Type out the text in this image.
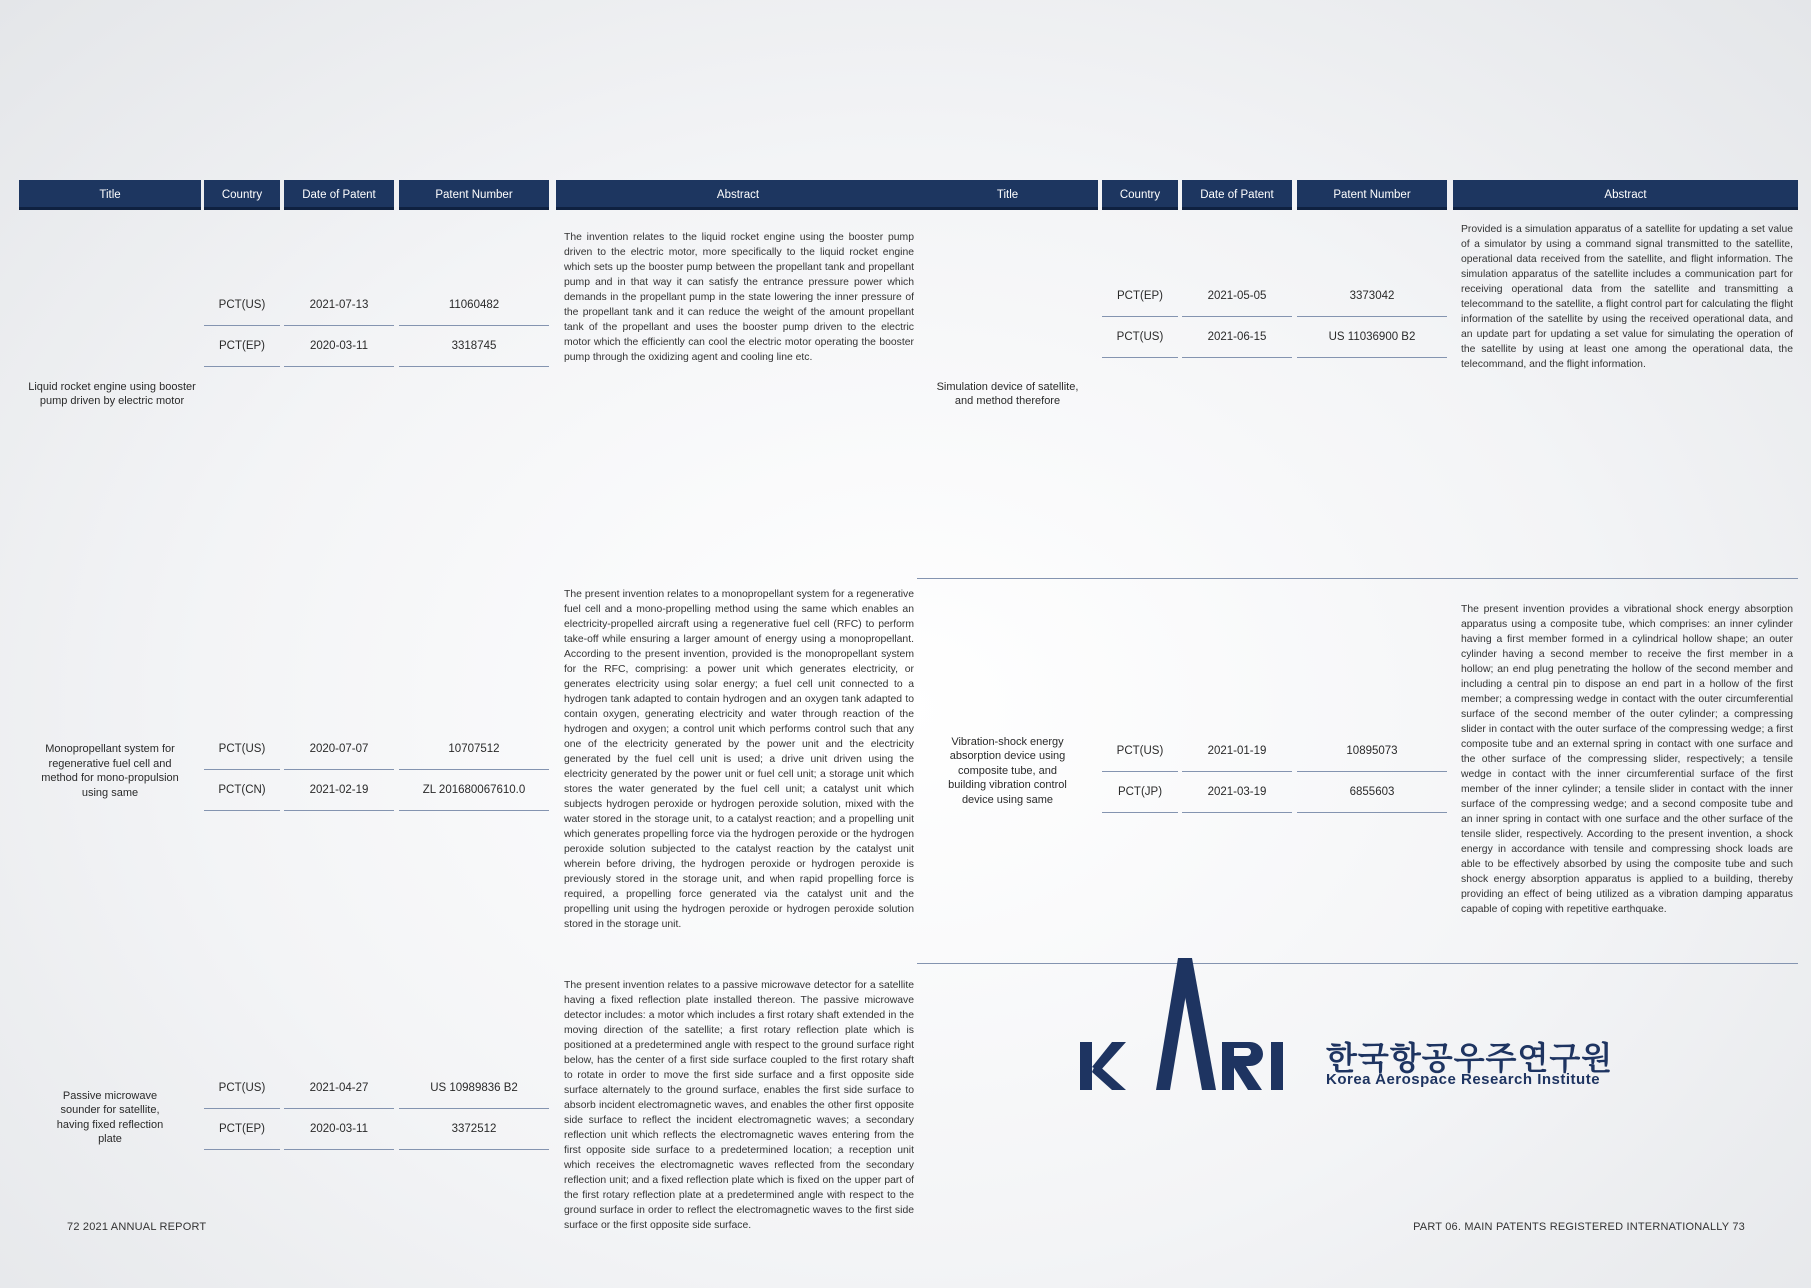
Title	Country	Date of Patent	Patent Number	Abstract
Liquid rocket engine using booster pump driven by electric motor
PCT(US)	2021-07-13	11060482
PCT(EP)	2020-03-11	3318745
The invention relates to the liquid rocket engine using the booster pump driven to the electric motor, more specifically to the liquid rocket engine which sets up the booster pump between the propellant tank and propellant pump and in that way it can satisfy the entrance pressure power which demands in the propellant pump in the state lowering the inner pressure of the propellant tank and it can reduce the weight of the amount propellant tank of the propellant and uses the booster pump driven to the electric motor which the efficiently can cool the electric motor operating the booster pump through the oxidizing agent and cooling line etc.
Monopropellant system for regenerative fuel cell and method for mono-propulsion using same
PCT(US)	2020-07-07	10707512
PCT(CN)	2021-02-19	ZL 201680067610.0
The present invention relates to a monopropellant system for a regenerative fuel cell and a mono-propelling method using the same which enables an electricity-propelled aircraft using a regenerative fuel cell (RFC) to perform take-off while ensuring a larger amount of energy using a monopropellant. According to the present invention, provided is the monopropellant system for the RFC, comprising: a power unit which generates electricity, or generates electricity using solar energy; a fuel cell unit connected to a hydrogen tank adapted to contain hydrogen and an oxygen tank adapted to contain oxygen, generating electricity and water through reaction of the hydrogen and oxygen; a control unit which performs control such that any one of the electricity generated by the power unit and the electricity generated by the fuel cell unit is used; a drive unit driven using the electricity generated by the power unit or fuel cell unit; a storage unit which stores the water generated by the fuel cell unit; a catalyst unit which subjects hydrogen peroxide or hydrogen peroxide solution, mixed with the water stored in the storage unit, to a catalyst reaction; and a propelling unit which generates propelling force via the hydrogen peroxide or the hydrogen peroxide solution subjected to the catalyst reaction by the catalyst unit wherein before driving, the hydrogen peroxide or hydrogen peroxide is previously stored in the storage unit, and when rapid propelling force is required, a propelling force generated via the catalyst unit and the propelling unit using the hydrogen peroxide or hydrogen peroxide solution stored in the storage unit.
Passive microwave sounder for satellite, having fixed reflection plate
PCT(US)	2021-04-27	US 10989836 B2
PCT(EP)	2020-03-11	3372512
The present invention relates to a passive microwave detector for a satellite having a fixed reflection plate installed thereon. The passive microwave detector includes: a motor which includes a first rotary shaft extended in the moving direction of the satellite; a first rotary reflection plate which is positioned at a predetermined angle with respect to the ground surface right below, has the center of a first side surface coupled to the first rotary shaft to rotate in order to move the first side surface and a first opposite side surface alternately to the ground surface, enables the first side surface to absorb incident electromagnetic waves, and enables the other first opposite side surface to reflect the incident electromagnetic waves; a secondary reflection unit which reflects the electromagnetic waves entering from the first opposite side surface to a predetermined location; a reception unit which receives the electromagnetic waves reflected from the secondary reflection unit; and a fixed reflection plate which is fixed on the upper part of the first rotary reflection plate at a predetermined angle with respect to the ground surface in order to reflect the electromagnetic waves to the first side surface or the first opposite side surface.
Title	Country	Date of Patent	Patent Number	Abstract
Simulation device of satellite, and method therefore
PCT(EP)	2021-05-05	3373042
PCT(US)	2021-06-15	US 11036900 B2
Provided is a simulation apparatus of a satellite for updating a set value of a simulator by using a command signal transmitted to the satellite, operational data received from the satellite, and flight information. The simulation apparatus of the satellite includes a communication part for receiving operational data from the satellite and transmitting a telecommand to the satellite, a flight control part for calculating the flight information of the satellite by using the received operational data, and an update part for updating a set value for simulating the operation of the satellite by using at least one among the operational data, the telecommand, and the flight information.
Vibration-shock energy absorption device using composite tube, and building vibration control device using same
PCT(US)	2021-01-19	10895073
PCT(JP)	2021-03-19	6855603
The present invention provides a vibrational shock energy absorption apparatus using a composite tube, which comprises: an inner cylinder having a first member formed in a cylindrical hollow shape; an outer cylinder having a second member to receive the first member in a hollow; an end plug penetrating the hollow of the second member and including a central pin to dispose an end part in a hollow of the first member; a compressing wedge in contact with the outer circumferential surface of the second member of the outer cylinder; a compressing slider in contact with the outer surface of the compressing wedge; a first composite tube and an external spring in contact with one surface and the other surface of the compressing slider, respectively; a tensile wedge in contact with the inner circumferential surface of the first member of the inner cylinder; a tensile slider in contact with the inner surface of the compressing wedge; and a second composite tube and an inner spring in contact with one surface and the other surface of the tensile slider, respectively. According to the present invention, a shock energy in accordance with tensile and compressing shock loads are able to be effectively absorbed by using the composite tube and such shock energy absorption apparatus is applied to a building, thereby providing an effect of being utilized as a vibration damping apparatus capable of coping with repetitive earthquake.
한국항공우주연구원
Korea Aerospace Research Institute
72 2021 ANNUAL REPORT	PART 06. MAIN PATENTS REGISTERED INTERNATIONALLY 73
